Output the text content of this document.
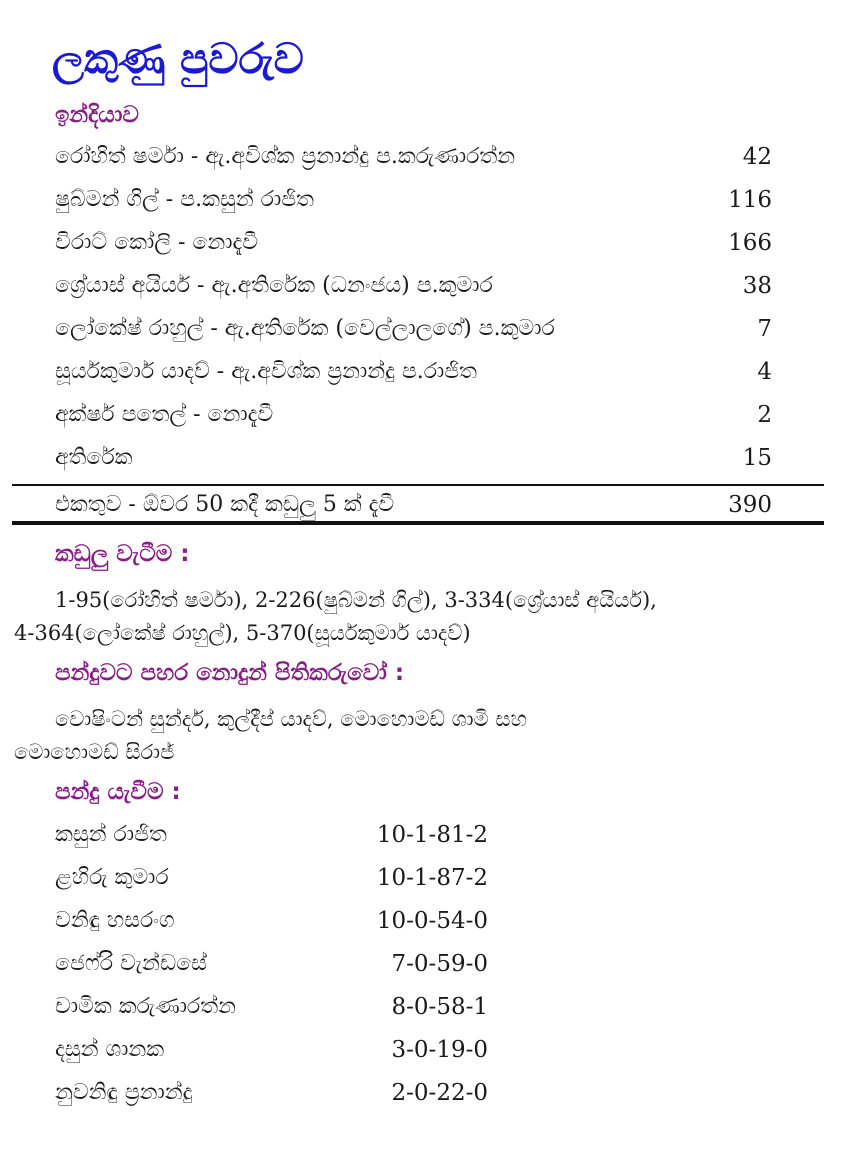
ලකුණු පුවරුව
ඉන්දියාව
රෝහිත් ෂර්මා - ඇ.අවිශ්ක ප්‍රනාන්දු ප.කරුණාරත්න	42
ෂුබ්මන් ගිල් - ප.කසුන් රාජිත	116
විරාට් කෝලි - නොදැවී	166
ශ්‍රේයාස් අයියර් - ඇ.අතිරේක (ධනංජය) ප.කුමාර	38
ලෝකේෂ් රාහුල් - ඇ.අතිරේක (වෙල්ලාලගේ) ප.කුමාර	7
සූර්යකුමාර් යාදව් - ඇ.අවිශ්ක ප්‍රනාන්දු ප.රාජිත	4
අක්ෂර් පතෙල් - නොදැවී	2
අතිරේක	15
එකතුව - ඕවර 50 කදී කඩුලු 5 ක් දැවී	390
කඩුලු වැටීම :
1-95(රෝහිත් ෂර්මා), 2-226(ෂුබ්මන් ගිල්), 3-334(ශ්‍රේයාස් අයියර්),
4-364(ලෝකේෂ් රාහුල්), 5-370(සූර්යකුමාර් යාදව්)
පන්දුවට පහර නොදුන් පිතිකරුවෝ :
වොෂිංටන් සුන්දර්, කුල්දීප් යාදව්, මොහොමඩ් ශාමි සහ
මොහොමඩ් සිරාජ්
පන්දු යැවීම :
කසුන් රාජිත	10-1-81-2
ළහිරු කුමාර	10-1-87-2
වනිඳු හසරංග	10-0-54-0
ජෙෆ්රි වැන්ඩසේ	7-0-59-0
චාමික කරුණාරත්න	8-0-58-1
දසුන් ශානක	3-0-19-0
නුවනිඳු ප්‍රනාන්දු	2-0-22-0
